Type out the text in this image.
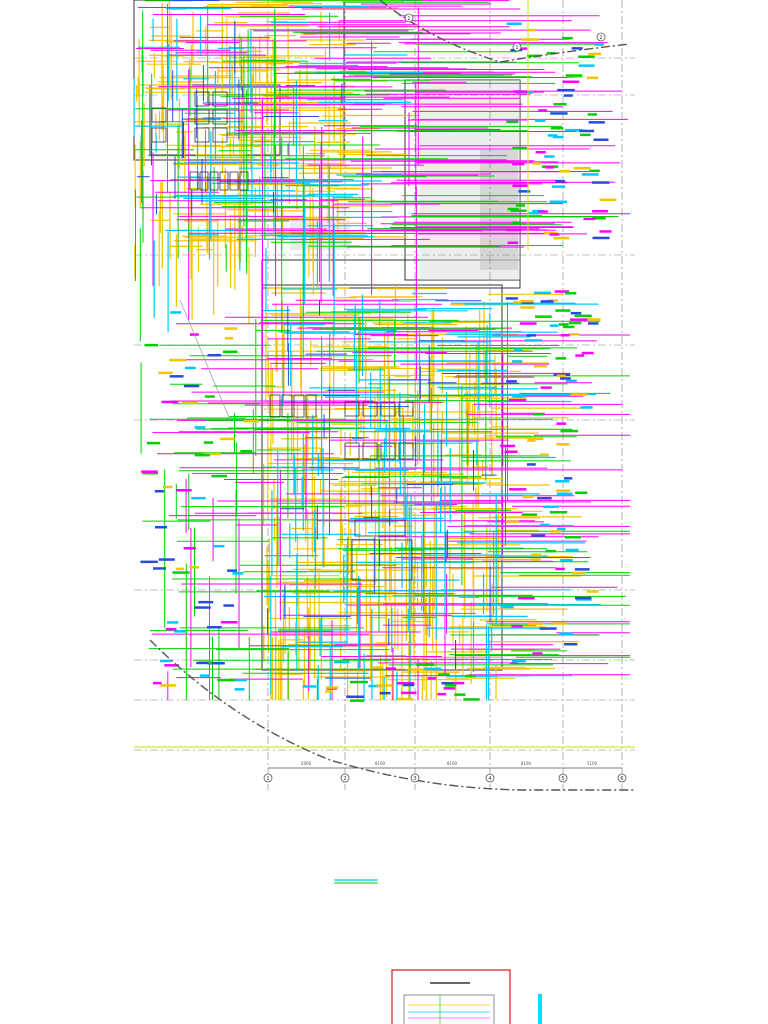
1	2	3	4	5	6
1
1
2
5000	8100	8100	8100	5100
